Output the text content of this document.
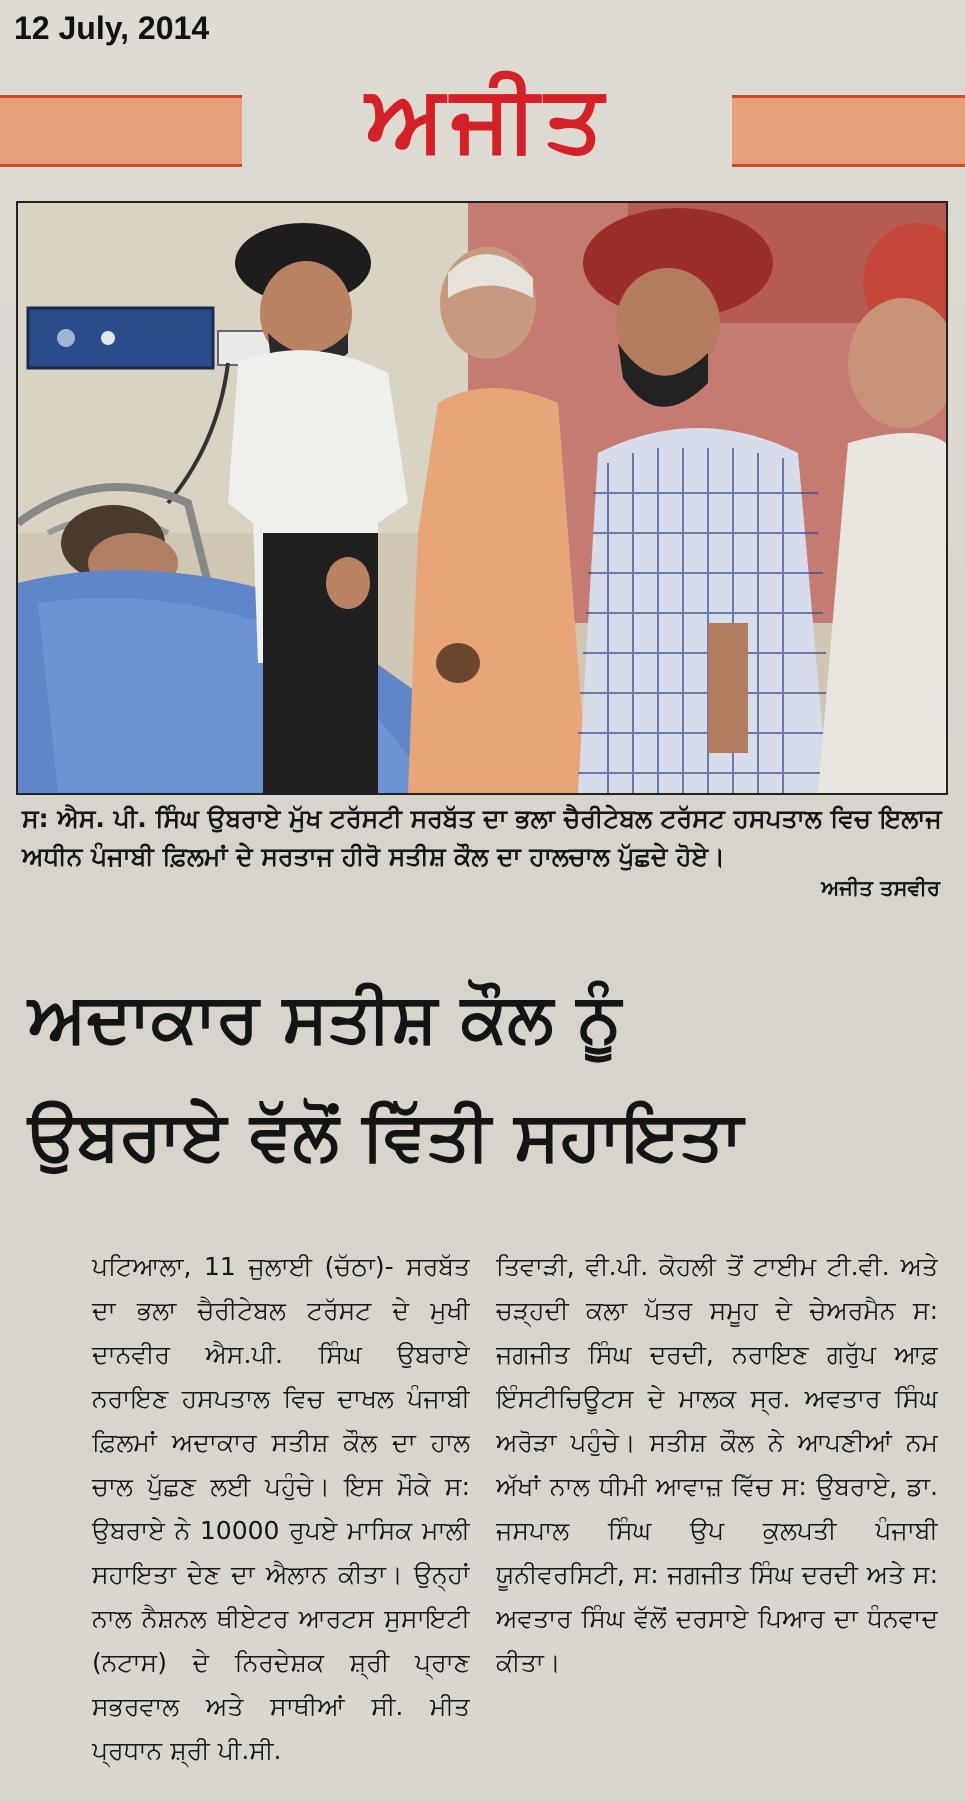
12 July, 2014
ਅਜੀਤ
ਸ: ਐਸ. ਪੀ. ਸਿੰਘ ਉਬਰਾਏ ਮੁੱਖ ਟਰੱਸਟੀ ਸਰਬੱਤ ਦਾ ਭਲਾ ਚੈਰੀਟੇਬਲ ਟਰੱਸਟ ਹਸਪਤਾਲ ਵਿਚ ਇਲਾਜ ਅਧੀਨ ਪੰਜਾਬੀ ਫ਼ਿਲਮਾਂ ਦੇ ਸਰਤਾਜ ਹੀਰੋ ਸਤੀਸ਼ ਕੌਲ ਦਾ ਹਾਲਚਾਲ ਪੁੱਛਦੇ ਹੋਏ।
ਅਜੀਤ ਤਸਵੀਰ
ਅਦਾਕਾਰ ਸਤੀਸ਼ ਕੌਲ ਨੂੰ
ਉਬਰਾਏ ਵੱਲੋਂ ਵਿੱਤੀ ਸਹਾਇਤਾ

ਪਟਿਆਲਾ, 11 ਜੁਲਾਈ (ਚੱਠਾ)- ਸਰਬੱਤ ਦਾ ਭਲਾ ਚੈਰੀਟੇਬਲ ਟਰੱਸਟ ਦੇ ਮੁਖੀ ਦਾਨਵੀਰ ਐਸ.ਪੀ. ਸਿੰਘ ਉਬਰਾਏ ਨਰਾਇਣ ਹਸਪਤਾਲ ਵਿਚ ਦਾਖਲ ਪੰਜਾਬੀ ਫ਼ਿਲਮਾਂ ਅਦਾਕਾਰ ਸਤੀਸ਼ ਕੌਲ ਦਾ ਹਾਲ ਚਾਲ ਪੁੱਛਣ ਲਈ ਪਹੁੰਚੇ। ਇਸ ਮੌਕੇ ਸ: ਉਬਰਾਏ ਨੇ 10000 ਰੁਪਏ ਮਾਸਿਕ ਮਾਲੀ ਸਹਾਇਤਾ ਦੇਣ ਦਾ ਐਲਾਨ ਕੀਤਾ। ਉਨ੍ਹਾਂ ਨਾਲ ਨੈਸ਼ਨਲ ਥੀਏਟਰ ਆਰਟਸ ਸੁਸਾਇਟੀ (ਨਟਾਸ) ਦੇ ਨਿਰਦੇਸ਼ਕ ਸ਼੍ਰੀ ਪ੍ਰਾਣ ਸਭਰਵਾਲ ਅਤੇ ਸਾਥੀਆਂ ਸੀ. ਮੀਤ ਪ੍ਰਧਾਨ ਸ਼੍ਰੀ ਪੀ.ਸੀ.

ਤਿਵਾੜੀ, ਵੀ.ਪੀ. ਕੋਹਲੀ ਤੋਂ ਟਾਈਮ ਟੀ.ਵੀ. ਅਤੇ ਚੜ੍ਹਦੀ ਕਲਾ ਪੱਤਰ ਸਮੂਹ ਦੇ ਚੇਅਰਮੈਨ ਸ: ਜਗਜੀਤ ਸਿੰਘ ਦਰਦੀ, ਨਰਾਇਣ ਗਰੁੱਪ ਆਫ਼ ਇੰਸਟੀਚਿਊਟਸ ਦੇ ਮਾਲਕ ਸ੍ਰ. ਅਵਤਾਰ ਸਿੰਘ ਅਰੋੜਾ ਪਹੁੰਚੇ। ਸਤੀਸ਼ ਕੌਲ ਨੇ ਆਪਣੀਆਂ ਨਮ ਅੱਖਾਂ ਨਾਲ ਧੀਮੀ ਆਵਾਜ਼ ਵਿੱਚ ਸ: ਉਬਰਾਏ, ਡਾ. ਜਸਪਾਲ ਸਿੰਘ ਉਪ ਕੁਲਪਤੀ ਪੰਜਾਬੀ ਯੂਨੀਵਰਸਿਟੀ, ਸ: ਜਗਜੀਤ ਸਿੰਘ ਦਰਦੀ ਅਤੇ ਸ: ਅਵਤਾਰ ਸਿੰਘ ਵੱਲੋਂ ਦਰਸਾਏ ਪਿਆਰ ਦਾ ਧੰਨਵਾਦ ਕੀਤਾ।
